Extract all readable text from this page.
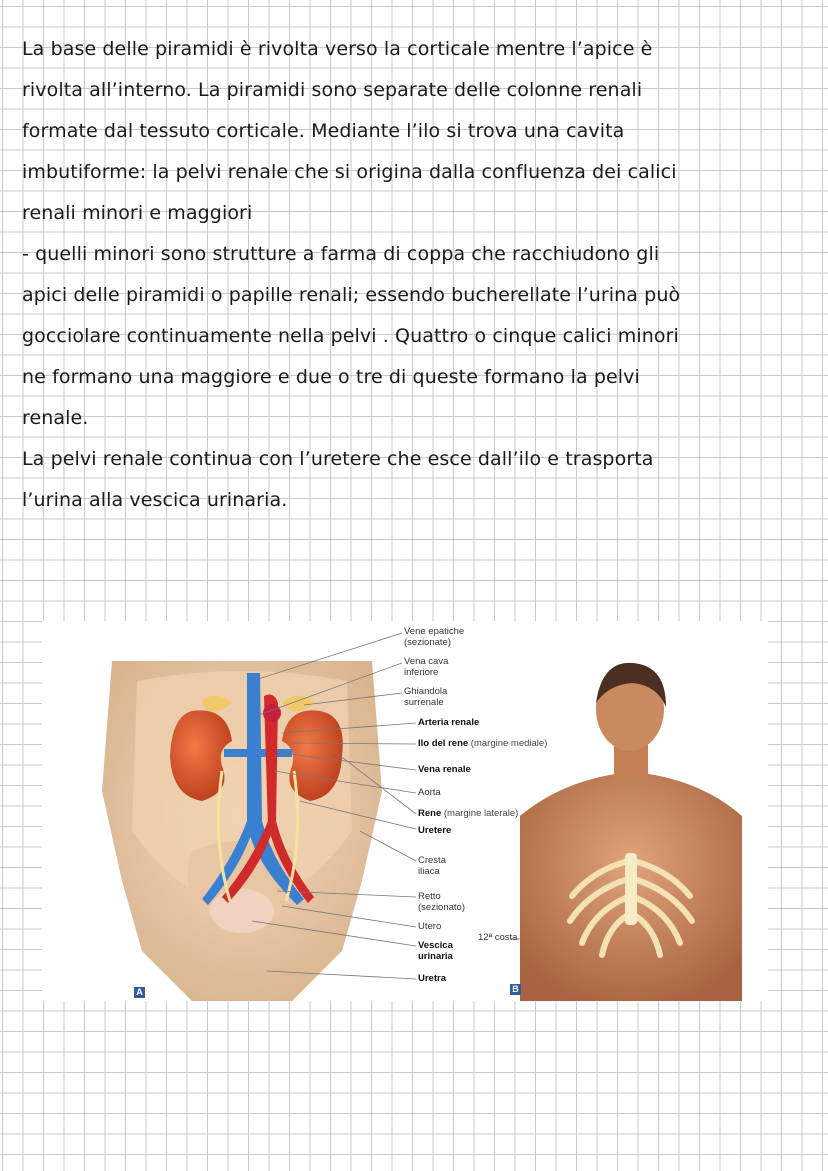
La base delle piramidi è rivolta verso la corticale mentre l’apice è

rivolta all’interno. La piramidi sono separate delle colonne renali

formate dal tessuto corticale. Mediante l’ilo si trova una cavita

imbutiforme: la pelvi renale che si origina dalla confluenza dei calici

renali minori e maggiori

- quelli minori sono strutture a farma di coppa che racchiudono gli

apici delle piramidi o papille renali; essendo bucherellate l’urina può

gocciolare continuamente nella pelvi . Quattro o cinque calici minori

ne formano una maggiore e due o tre di queste formano la pelvi

renale.

La pelvi renale continua con l’uretere che esce dall’ilo e trasporta

l’urina alla vescica urinaria.

A	B
Vene epatiche
(sezionate)
Vena cava
inferiore
Ghiandola
surrenale
Arteria renale
Ilo del rene (margine mediale)
Vena renale
Aorta
Rene (margine laterale)
Uretere
Cresta
iliaca
Retto
(sezionato)
Utero
Vescica
urinaria
Uretra
12ª costa
